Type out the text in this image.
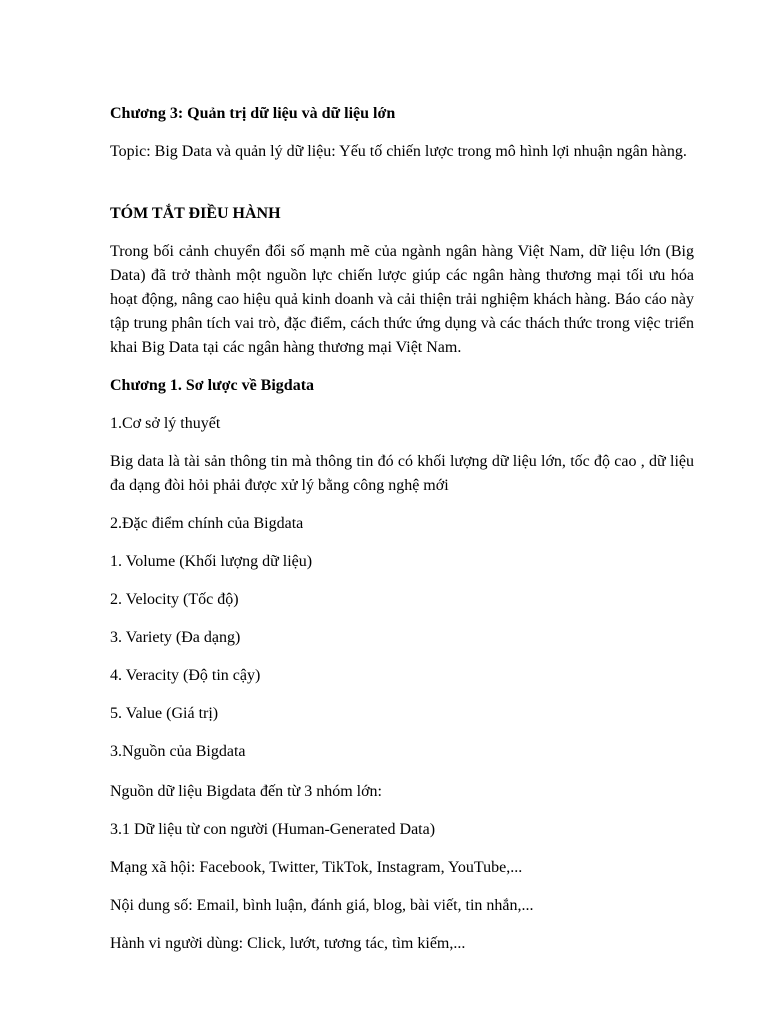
Chương 3: Quản trị dữ liệu và dữ liệu lớn

Topic: Big Data và quản lý dữ liệu: Yếu tố chiến lược trong mô hình lợi nhuận ngân hàng.

TÓM TẮT ĐIỀU HÀNH

Trong bối cảnh chuyển đổi số mạnh mẽ của ngành ngân hàng Việt Nam, dữ liệu lớn (Big Data) đã trở thành một nguồn lực chiến lược giúp các ngân hàng thương mại tối ưu hóa hoạt động, nâng cao hiệu quả kinh doanh và cải thiện trải nghiệm khách hàng. Báo cáo này tập trung phân tích vai trò, đặc điểm, cách thức ứng dụng và các thách thức trong việc triển khai Big Data tại các ngân hàng thương mại Việt Nam.

Chương 1. Sơ lược về Bigdata

1.Cơ sở lý thuyết

Big data là tài sản thông tin mà thông tin đó có khối lượng dữ liệu lớn, tốc độ cao , dữ liệu đa dạng đòi hỏi phải được xử lý bằng công nghệ mới

2.Đặc điểm chính của Bigdata

1. Volume (Khối lượng dữ liệu)

2. Velocity (Tốc độ)

3. Variety (Đa dạng)

4. Veracity (Độ tin cậy)

5. Value (Giá trị)

3.Nguồn của Bigdata

Nguồn dữ liệu Bigdata đến từ 3 nhóm lớn:

3.1 Dữ liệu từ con người (Human-Generated Data)

Mạng xã hội: Facebook, Twitter, TikTok, Instagram, YouTube,...

Nội dung số: Email, bình luận, đánh giá, blog, bài viết, tin nhắn,...

Hành vi người dùng: Click, lướt, tương tác, tìm kiếm,...
